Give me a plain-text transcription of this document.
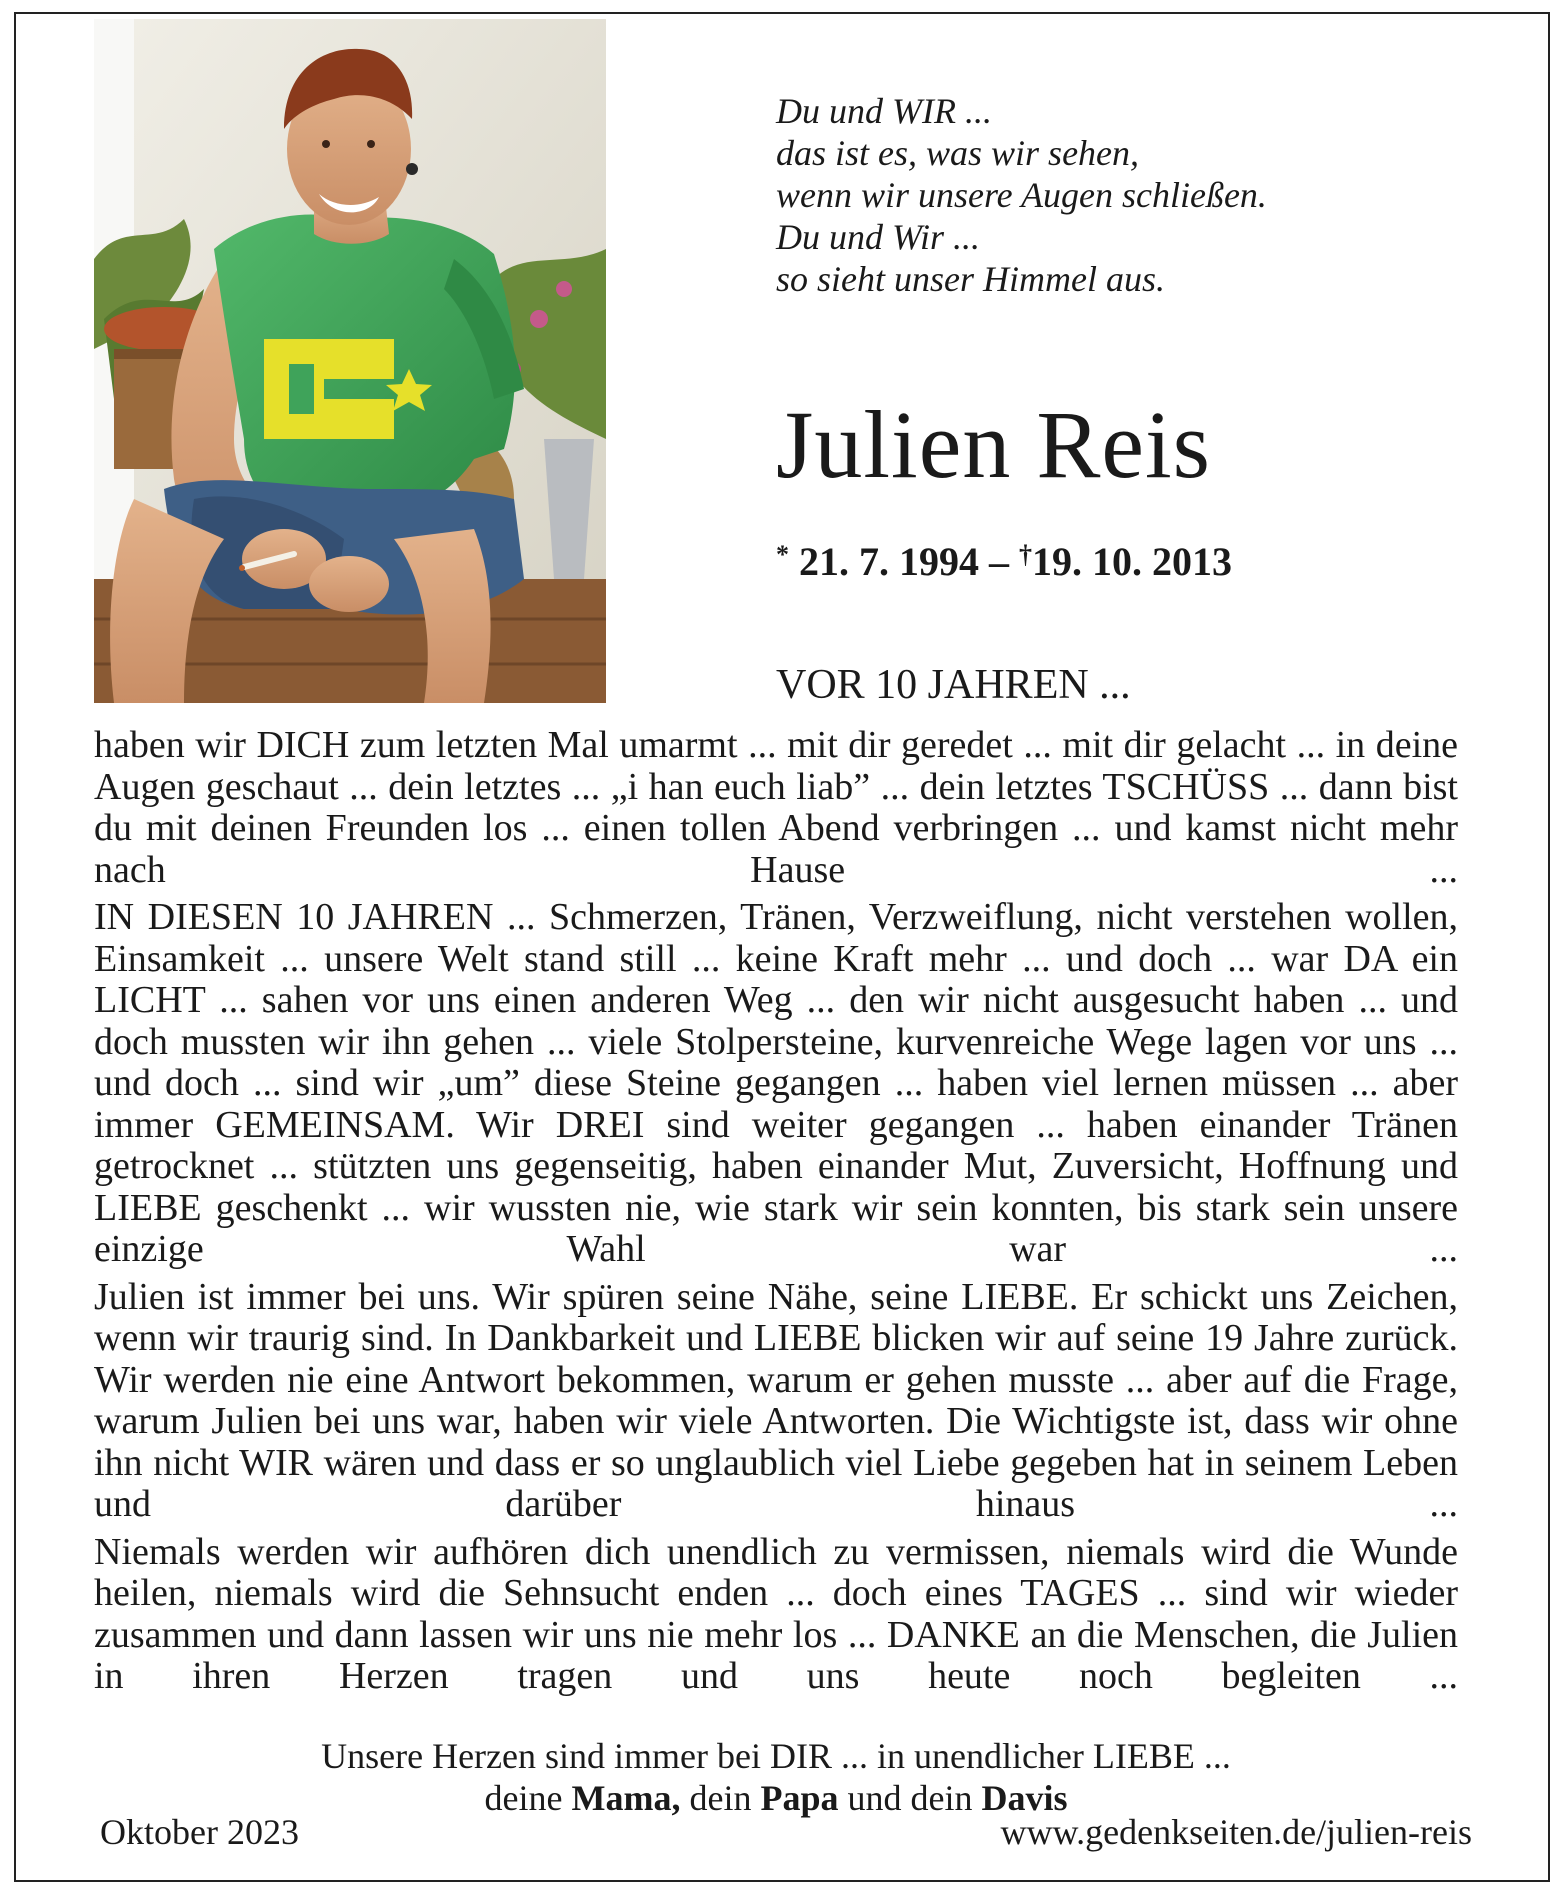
Du und WIR ...
das ist es, was wir sehen,
wenn wir unsere Augen schließen.
Du und Wir ...
so sieht unser Himmel aus.
Julien Reis
* 21. 7. 1994 – †19. 10. 2013
VOR 10 JAHREN ...
haben wir DICH zum letzten Mal umarmt ... mit dir geredet ... mit dir gelacht ... in deine Augen geschaut ... dein letztes ... „i han euch liab” ... dein letztes TSCHÜSS ... dann bist du mit deinen Freunden los ... einen tollen Abend verbringen ... und kamst nicht mehr nach Hause ...
IN DIESEN 10 JAHREN ... Schmerzen, Tränen, Verzweiflung, nicht verstehen wollen, Einsamkeit ... unsere Welt stand still ... keine Kraft mehr ... und doch ... war DA ein LICHT ... sahen vor uns einen anderen Weg ... den wir nicht ausgesucht haben ... und doch mussten wir ihn gehen ... viele Stolpersteine, kurvenreiche Wege lagen vor uns ... und doch ... sind wir „um” diese Steine gegangen ... haben viel lernen müssen ... aber immer GEMEINSAM. Wir DREI sind weiter gegangen ... haben einander Tränen getrocknet ... stützten uns gegenseitig, haben einander Mut, Zuversicht, Hoffnung und LIEBE geschenkt ... wir wussten nie, wie stark wir sein konnten, bis stark sein unsere einzige Wahl war ...
Julien ist immer bei uns. Wir spüren seine Nähe, seine LIEBE. Er schickt uns Zeichen, wenn wir traurig sind. In Dankbarkeit und LIEBE blicken wir auf seine 19 Jahre zurück. Wir werden nie eine Antwort bekommen, warum er gehen musste ... aber auf die Frage, warum Julien bei uns war, haben wir viele Antworten. Die Wichtigste ist, dass wir ohne ihn nicht WIR wären und dass er so unglaublich viel Liebe gegeben hat in seinem Leben und darüber hinaus ...
Niemals werden wir aufhören dich unendlich zu vermissen, niemals wird die Wunde heilen, niemals wird die Sehnsucht enden ... doch eines TAGES ... sind wir wieder zusammen und dann lassen wir uns nie mehr los ... DANKE an die Menschen, die Julien in ihren Herzen tragen und uns heute noch begleiten ...
Unsere Herzen sind immer bei DIR ... in unendlicher LIEBE ...
deine Mama, dein Papa und dein Davis
Oktober 2023	www.gedenkseiten.de/julien-reis
